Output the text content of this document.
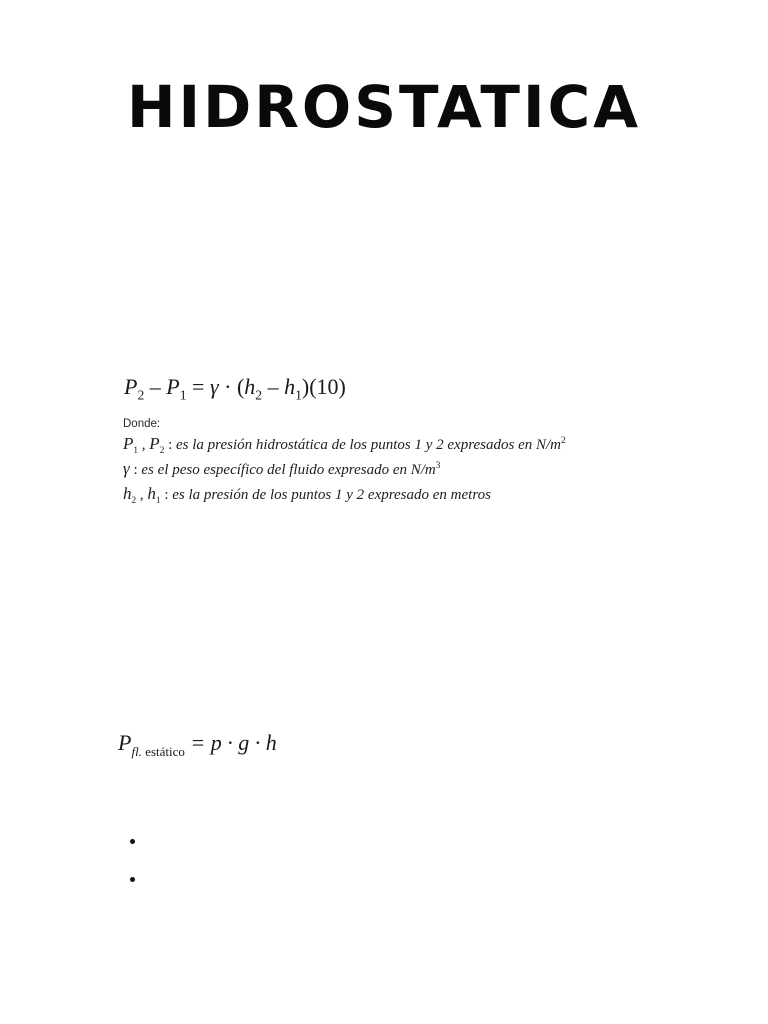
HIDROSTATICA
$P_2 - P_1 = \gamma \cdot (h_2 - h_1)(10)$
Donde:
$P_1$ , $P_2$ : es la presión hidrostática de los puntos 1 y 2 expresados en $N/m^2$
γ : es el peso específico del fluido expresado en $N/m^3$
$h_2$ , $h_1$ : es la presión de los puntos 1 y 2 expresado en metros
$P_{fl. estático} = p \cdot g \cdot h$
